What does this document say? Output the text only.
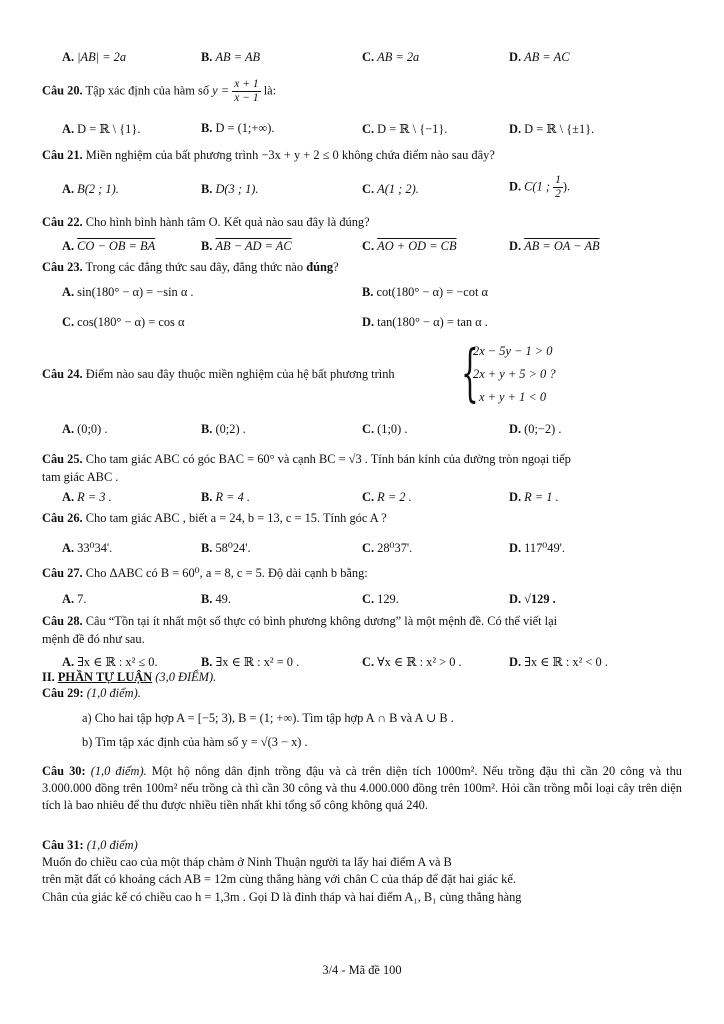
A. |AB| = 2a	B. AB = AB	C. AB = 2a	D. AB = AC
Câu 20. Tập xác định của hàm số $y = \frac{x + 1}{x - 1}$ là:
A. D = ℝ \ {1}.	B. D = (1;+∞).	C. D = ℝ \ {−1}.	D. D = ℝ \ {±1}.
Câu 21. Miền nghiệm của bất phương trình −3x + y + 2 ≤ 0 không chứa điểm nào sau đây?
A. B(2 ; 1).	B. D(3 ; 1).	C. A(1 ; 2).	D. C(1 ; $\frac{1}{2}$ ).
Câu 22. Cho hình bình hành tâm O. Kết quả nào sau đây là đúng?
A. CO − OB = BA	B. AB − AD = AC	C. AO + OD = CB	D. AB = OA − AB
Câu 23. Trong các đẳng thức sau đây, đẳng thức nào đúng?
A. sin(180° − α) = −sin α .	B. cot(180° − α) = −cot α
C. cos(180° − α) = cos α	D. tan(180° − α) = tan α .
Câu 24. Điểm nào sau đây thuộc miền nghiệm của hệ bất phương trình	{
2x − 5y − 1 > 0
2x + y + 5 > 0 ?
x + y + 1 < 0
A. (0;0) .	B. (0;2) .	C. (1;0) .	D. (0;−2) .
Câu 25. Cho tam giác ABC có góc BAC = 60° và cạnh BC = √3 . Tính bán kính của đường tròn ngoại tiếp
tam giác ABC .
A. R = 3 .	B. R = 4 .	C. R = 2 .	D. R = 1 .
Câu 26. Cho tam giác ABC , biết a = 24, b = 13, c = 15. Tính góc A ?
A. 33⁰34'.	B. 58⁰24'.	C. 28⁰37'.	D. 117⁰49'.
Câu 27. Cho ΔABC có B = 60⁰, a = 8, c = 5. Độ dài cạnh b bằng:
A. 7.	B. 49.	C. 129.	D. √129 .
Câu 28. Câu “Tồn tại ít nhất một số thực có bình phương không dương” là một mệnh đề. Có thể viết lại
mệnh đề đó như sau.
A. ∃x ∈ ℝ : x² ≤ 0.	B. ∃x ∈ ℝ : x² = 0 .	C. ∀x ∈ ℝ : x² > 0 .	D. ∃x ∈ ℝ : x² < 0 .
II. PHẦN TỰ LUẬN (3,0 ĐIỂM).
Câu 29: (1,0 điểm).
a) Cho hai tập hợp A = [−5; 3), B = (1; +∞). Tìm tập hợp A ∩ B và A ∪ B .
b) Tìm tập xác định của hàm số y = √(3 − x) .
Câu 30: (1,0 điểm). Một hộ nông dân định trồng đậu và cà trên diện tích 1000m². Nếu trồng đậu thì cần 20 công và thu 3.000.000 đồng trên 100m² nếu trồng cà thì cần 30 công và thu 4.000.000 đồng trên 100m². Hỏi cần trồng mỗi loại cây trên diện tích là bao nhiêu để thu được nhiều tiền nhất khi tổng số công không quá 240.
Câu 31: (1,0 điểm)
Muốn đo chiều cao của một tháp chàm ở Ninh Thuận người ta lấy hai điểm A và B
trên mặt đất có khoảng cách AB = 12m cùng thẳng hàng với chân C của tháp để đặt hai giác kế.
Chân của giác kế có chiều cao h = 1,3m . Gọi D là đỉnh tháp và hai điểm A₁, B₁ cùng thẳng hàng
3/4 - Mã đề 100
